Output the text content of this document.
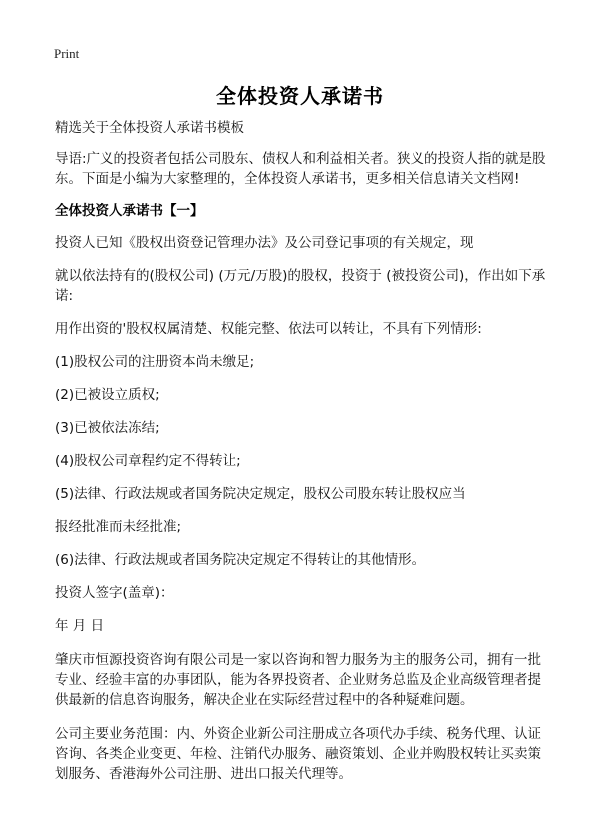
Print
全体投资人承诺书

精选关于全体投资人承诺书模板

导语:广义的投资者包括公司股东、债权人和利益相关者。狭义的投资人指的就是股东。下面是小编为大家整理的，全体投资人承诺书，更多相关信息请关文档网!

全体投资人承诺书【一】

投资人已知《股权出资登记管理办法》及公司登记事项的有关规定，现

就以依法持有的(股权公司) (万元/万股)的股权，投资于 (被投资公司)，作出如下承诺:

用作出资的'股权权属清楚、权能完整、依法可以转让，不具有下列情形:

(1)股权公司的注册资本尚未缴足;

(2)已被设立质权;

(3)已被依法冻结;

(4)股权公司章程约定不得转让;

(5)法律、行政法规或者国务院决定规定，股权公司股东转让股权应当

报经批准而未经批准;

(6)法律、行政法规或者国务院决定规定不得转让的其他情形。

投资人签字(盖章)：

年 月 日

肇庆市恒源投资咨询有限公司是一家以咨询和智力服务为主的服务公司，拥有一批专业、经验丰富的办事团队，能为各界投资者、企业财务总监及企业高级管理者提供最新的信息咨询服务，解决企业在实际经营过程中的各种疑难问题。

公司主要业务范围：内、外资企业新公司注册成立各项代办手续、税务代理、认证咨询、各类企业变更、年检、注销代办服务、融资策划、企业并购股权转让买卖策划服务、香港海外公司注册、进出口报关代理等。
